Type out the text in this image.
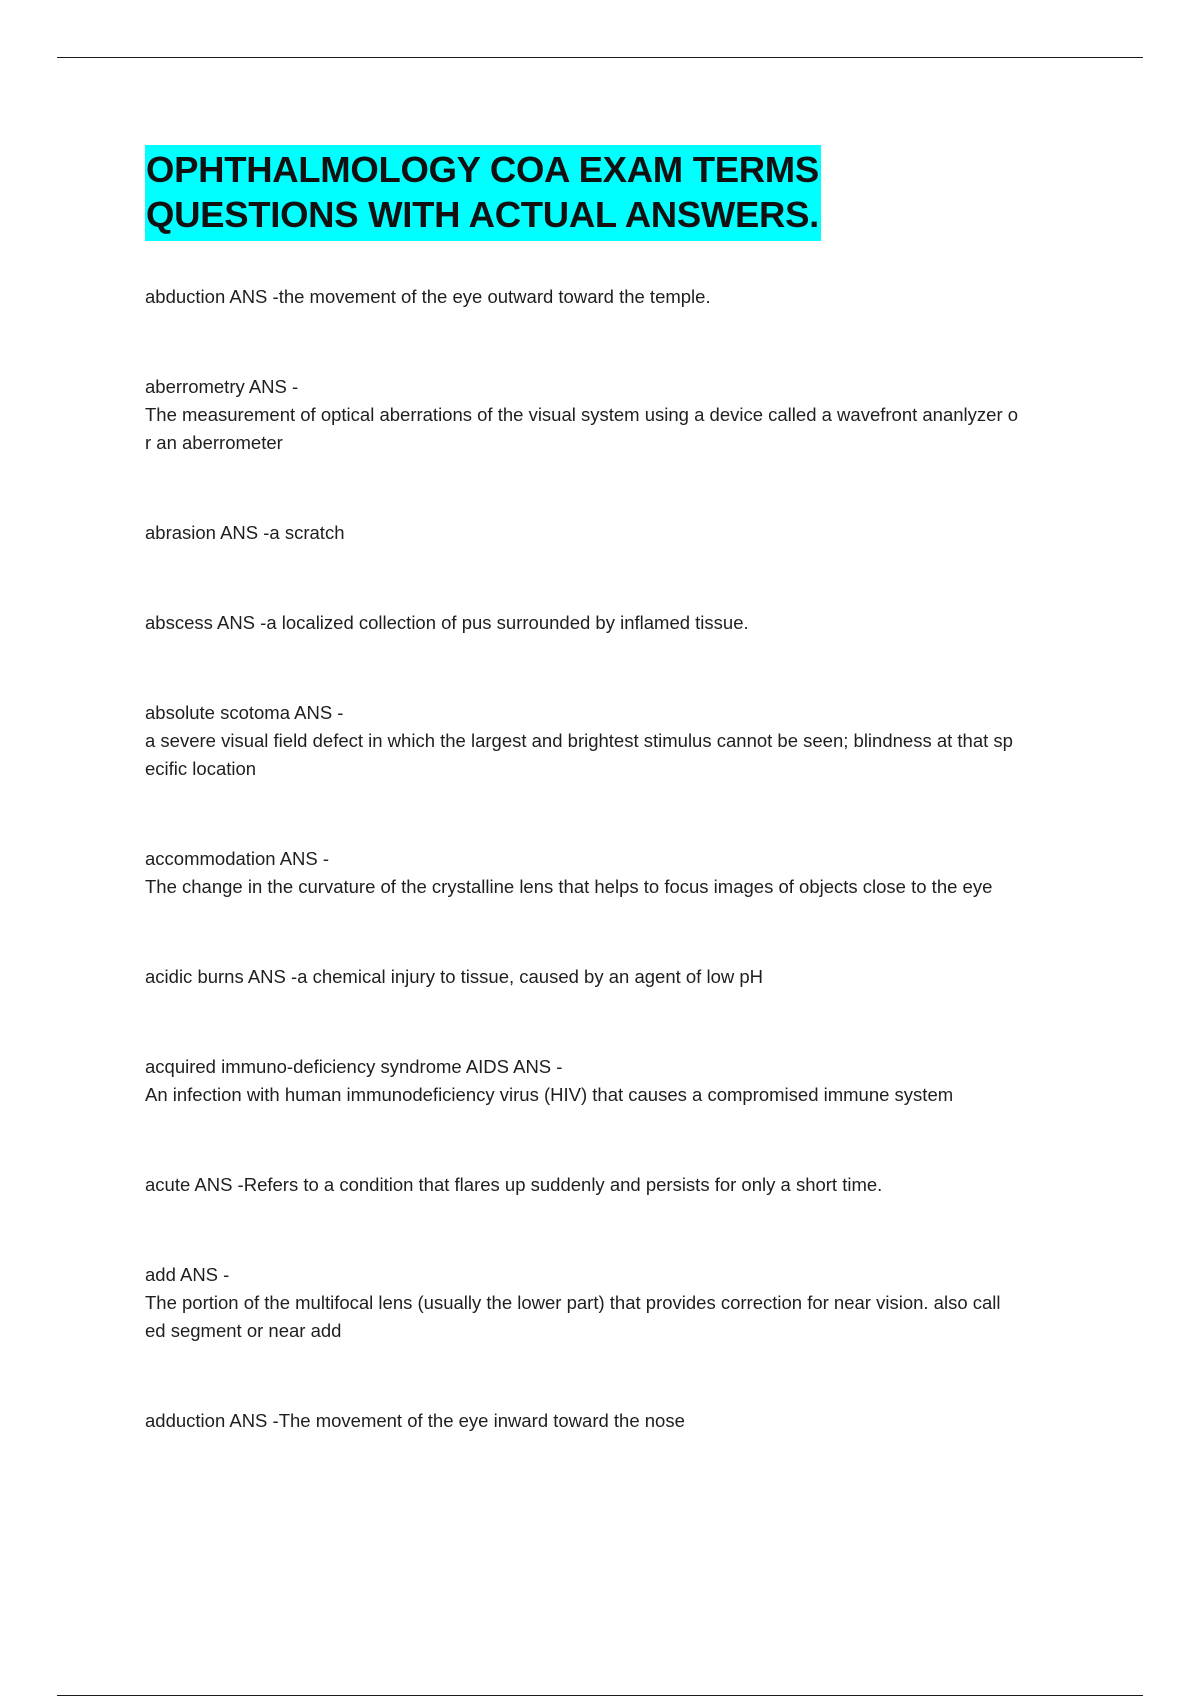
OPHTHALMOLOGY COA EXAM TERMS
QUESTIONS WITH ACTUAL ANSWERS.

abduction ANS -the movement of the eye outward toward the temple.

aberrometry ANS -
The measurement of optical aberrations of the visual system using a device called a wavefront ananlyzer o
r an aberrometer

abrasion ANS -a scratch

abscess ANS -a localized collection of pus surrounded by inflamed tissue.

absolute scotoma ANS -
a severe visual field defect in which the largest and brightest stimulus cannot be seen; blindness at that sp
ecific location

accommodation ANS -
The change in the curvature of the crystalline lens that helps to focus images of objects close to the eye

acidic burns ANS -a chemical injury to tissue, caused by an agent of low pH

acquired immuno-deficiency syndrome AIDS ANS -
An infection with human immunodeficiency virus (HIV) that causes a compromised immune system

acute ANS -Refers to a condition that flares up suddenly and persists for only a short time.

add ANS -
The portion of the multifocal lens (usually the lower part) that provides correction for near vision. also call
ed segment or near add

adduction ANS -The movement of the eye inward toward the nose
